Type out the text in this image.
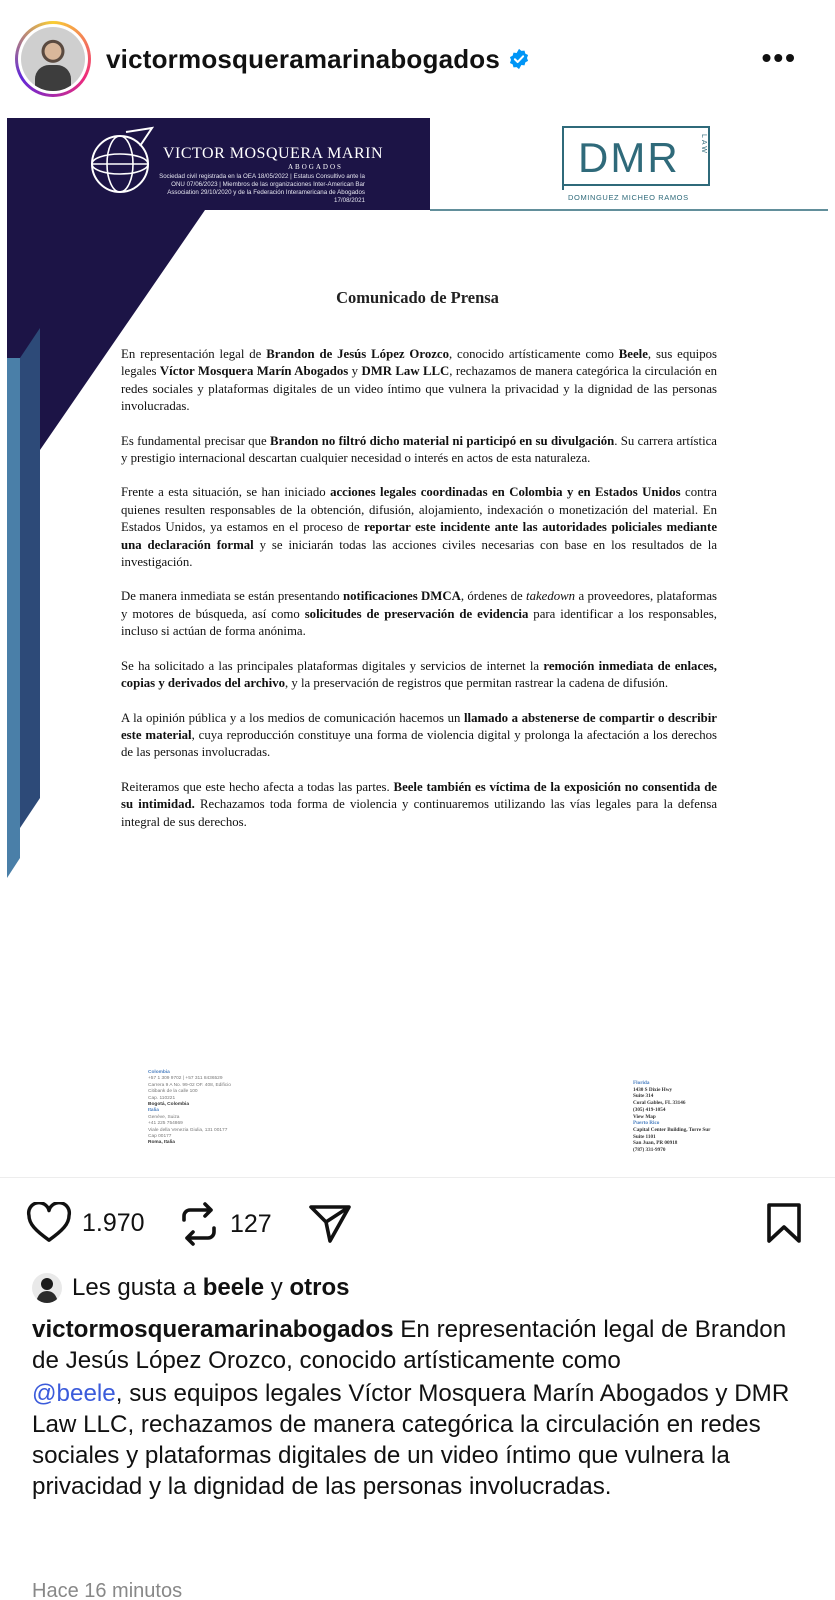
victormosqueramarinabogados	•••
VICTOR MOSQUERA MARIN
ABOGADOS
Sociedad civil registrada en la OEA 18/05/2022 | Estatus Consultivo ante la ONU 07/06/2023 | Miembros de las organizaciones Inter-American Bar Association 29/10/2020 y de la Federación Interamericana de Abogados 17/08/2021
DMR	LAW
DOMINGUEZ MICHEO RAMOS
Comunicado de Prensa

En representación legal de Brandon de Jesús López Orozco, conocido artísticamente como Beele, sus equipos legales Víctor Mosquera Marín Abogados y DMR Law LLC, rechazamos de manera categórica la circulación en redes sociales y plataformas digitales de un video íntimo que vulnera la privacidad y la dignidad de las personas involucradas.

Es fundamental precisar que Brandon no filtró dicho material ni participó en su divulgación. Su carrera artística y prestigio internacional descartan cualquier necesidad o interés en actos de esta naturaleza.

Frente a esta situación, se han iniciado acciones legales coordinadas en Colombia y en Estados Unidos contra quienes resulten responsables de la obtención, difusión, alojamiento, indexación o monetización del material. En Estados Unidos, ya estamos en el proceso de reportar este incidente ante las autoridades policiales mediante una declaración formal y se iniciarán todas las acciones civiles necesarias con base en los resultados de la investigación.

De manera inmediata se están presentando notificaciones DMCA, órdenes de takedown a proveedores, plataformas y motores de búsqueda, así como solicitudes de preservación de evidencia para identificar a los responsables, incluso si actúan de forma anónima.

Se ha solicitado a las principales plataformas digitales y servicios de internet la remoción inmediata de enlaces, copias y derivados del archivo, y la preservación de registros que permitan rastrear la cadena de difusión.

A la opinión pública y a los medios de comunicación hacemos un llamado a abstenerse de compartir o describir este material, cuya reproducción constituye una forma de violencia digital y prolonga la afectación a los derechos de las personas involucradas.

Reiteramos que este hecho afecta a todas las partes. Beele también es víctima de la exposición no consentida de su intimidad. Rechazamos toda forma de violencia y continuaremos utilizando las vías legales para la defensa integral de sus derechos.

Colombia
+57 1 309 9702 | +57 311 8436529
Carrera 9 A No. 99-02 OF. 408, Edificio
Citibank de la calle 100
Cap. 110221
Bogotá, Colombia
Italia
Genève, Suiza
+41 225 754869
Viale della Venezia Giulia, 131 00177
Cap 00177
Roma, Italia
Florida
1430 S Dixie Hwy
Suite 314
Coral Gables, FL 33146
(305) 419-1054
View Map
Puerto Rico
Capital Center Building, Torre Sur
Suite 1101
San Juan, PR 00918
(787) 331-9970
1.970	127
Les gusta a beele y otros

victormosqueramarinabogados En representación legal de Brandon de Jesús López Orozco, conocido artísticamente como

@beele, sus equipos legales Víctor Mosquera Marín Abogados y DMR Law LLC, rechazamos de manera categórica la circulación en redes sociales y plataformas digitales de un video íntimo que vulnera la privacidad y la dignidad de las personas involucradas.

Hace 16 minutos
